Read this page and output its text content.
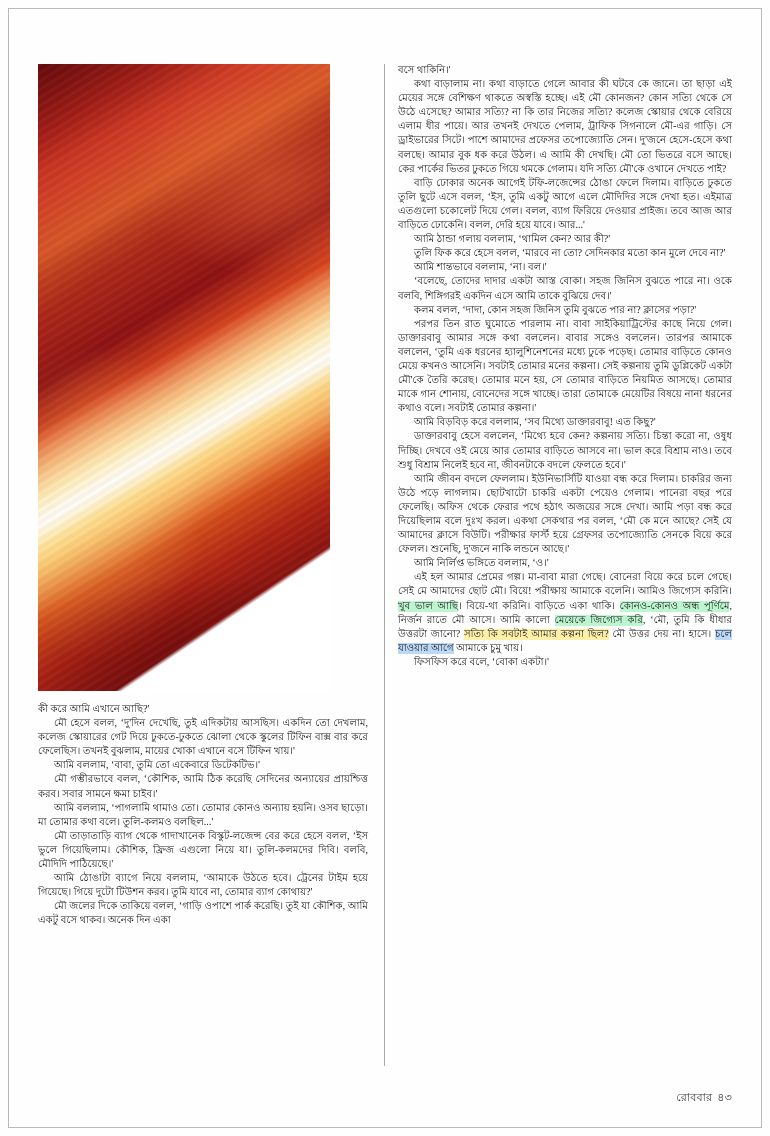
কী করে আমি এখানে আছি?'

মৌ হেসে বলল, ‘দু'দিন দেখেছি, তুই এদিকটায় আসছিস। একদিন তো দেখলাম, কলেজ স্কোয়ারের গেট দিয়ে ঢুকতে-ঢুকতে ঝোলা থেকে স্কুলের টিফিন বাক্স বার করে ফেলেছিস। তখনই বুঝলাম, মায়ের খোকা এখানে বসে টিফিন খায়।'

আমি বললাম, ‘বাবা, তুমি তো একেবারে ডিটেকটিভ।'

মৌ গম্ভীরভাবে বলল, ‘কৌশিক, আমি ঠিক করেছি সেদিনের অন্যায়ের প্রায়শ্চিত্ত করব। সবার সামনে ক্ষমা চাইব।'

আমি বললাম, ‘পাগলামি থামাও তো। তোমার কোনও অন্যায় হয়নি। ওসব ছাড়ো। মা তোমার কথা বলে। তুলি-কলমও বলছিল...'

মৌ তাড়াতাড়ি ব্যাগ থেকে গাদাখানেক বিস্কুট-লজেন্স বের করে হেসে বলল, ‘ইস ভুলে গিয়েছিলাম। কৌশিক, ফ্রিজ এগুলো নিয়ে যা। তুলি-কলমদের দিবি। বলবি, মৌদিদি পাঠিয়েছে।'

আমি ঠোঙাটা ব্যাগে নিয়ে বললাম, ‘আমাকে উঠতে হবে। ট্রেনের টাইম হয়ে গিয়েছে। গিয়ে দুটো টিউশন করব। তুমি যাবে না, তোমার ব্যাগ কোথায়?'

মৌ জলের দিকে তাকিয়ে বলল, ‘গাড়ি ওপাশে পার্ক করেছি। তুই যা কৌশিক, আমি একটু বসে থাকব। অনেক দিন একা

বসে থাকিনি।'

কথা বাড়ালাম না। কথা বাড়াতে গেলে আবার কী ঘটবে কে জানে। তা ছাড়া এই মেয়ের সঙ্গে বেশিক্ষণ থাকতে অস্বস্তি হচ্ছে। এই মৌ কোনজন? কোন সত্যি থেকে সে উঠে এসেছে? আমার সত্যি? না কি তার নিজের সত্যি? কলেজ স্কোয়ার থেকে বেরিয়ে এলাম ধীর পায়ে। আর তখনই দেখতে পেলাম, ট্রাফিক সিগনালে মৌ-এর গাড়ি। সে ড্রাইভারের সিটে। পাশে আমাদের প্রফেসর তপোজ্যোতি সেন। দু'জনে হেসে-হেসে কথা বলছে। আমার বুক ধক করে উঠল। এ আমি কী দেখছি। মৌ তো ভিতরে বসে আছে। কের পার্কের ভিতর ঢুকতে গিয়ে থমকে গেলাম। যদি সত্যি মৌ'কে ওখানে দেখতে পাই?

বাড়ি ঢোকার অনেক আগেই টফি-লজেন্সের ঠোঙা ফেলে দিলাম। বাড়িতে ঢুকতে তুলি ছুটে এসে বলল, ‘ইস, তুমি একটু আগে এলে মৌদিদির সঙ্গে দেখা হত। এইমাত্র এতগুলো চকোলেট দিয়ে গেল। বলল, ব্যাগ ফিরিয়ে দেওয়ার প্রাইজ। তবে আজ আর বাড়িতে ঢোকেনি। বলল, দেরি হয়ে যাবে। আর...'

আমি ঠান্ডা গলায় বললাম, ‘থামিল কেন? আর কী?'

তুলি ফিক করে হেসে বলল, ‘মারবে না তো? সেদিনকার মতো কান মুলে দেবে না?'

আমি শান্তভাবে বললাম, ‘না। বল।'

‘বলেছে, তোদের দাদার একটা আস্ত বোকা। সহজ জিনিস বুঝতে পারে না। ওকে বলবি, শিঙ্গিগরই একদিন এসে আমি তাকে বুঝিয়ে দেব।'

কলম বলল, ‘দাদা, কোন সহজ জিনিস তুমি বুঝতে পার না? ক্লাসের পড়া?'

পরপর তিন রাত ঘুমোতে পারলাম না। বাবা সাইকিয়াট্রিস্টের কাছে নিয়ে গেল। ডাক্তারবাবু আমার সঙ্গে কথা বললেন। বাবার সঙ্গেও বললেন। তারপর আমাকে বললেন, ‘তুমি এক ধরনের হ্যালুশিনেশনের মধ্যে ঢুকে পড়েছ। তোমার বাড়িতে কোনও মেয়ে কখনও আসেনি। সবটাই তোমার মনের কল্পনা। সেই কল্পনায় তুমি ডুপ্লিকেট একটা মৌ'কে তৈরি করেছ। তোমার মনে হয়, সে তোমার বাড়িতে নিয়মিত আসছে। তোমার মাকে গান শোনায়, বোনেদের সঙ্গে খাচ্ছে। তারা তোমাকে মেয়েটির বিষয়ে নানা ধরনের কথাও বলে। সবটাই তোমার কল্পনা।'

আমি বিড়বিড় করে বললাম, ‘সব মিথ্যে ডাক্তারবাবু! এত কিছু?'

ডাক্তারবাবু হেসে বললেন, ‘মিথ্যে হবে কেন? কল্পনায় সত্যি। চিন্তা করো না, ওষুধ দিচ্ছি। দেখবে ওই মেয়ে আর তোমার বাড়িতে আসবে না। ভাল করে বিশ্রাম নাও। তবে শুধু বিশ্রাম নিলেই হবে না, জীবনটাকে বদলে ফেলতে হবে।'

আমি জীবন বদলে ফেললাম। ইউনিভার্সিটি যাওয়া বন্ধ করে দিলাম। চাকরির জন্য উঠে পড়ে লাগলাম। ছোটখাটো চাকরি একটা পেয়েও গেলাম। পানেরা বছর পরে ফেলেছি। অফিস থেকে ফেরার পথে হঠাৎ অজয়ের সঙ্গে দেখা। আমি পড়া বন্ধ করে দিয়েছিলাম বলে দুঃখ করল। একথা সেকথার পর বলল, ‘মৌ কে মনে আছে? সেই যে আমাদের ক্লাসে বিউটি। পরীক্ষার ফার্স্ট হয়ে গ্রেফসর তপোজ্যোতি সেনকে বিয়ে করে ফেলল। শুনেছি, দু'জনে নাকি লন্ডনে আছে।'

আমি নির্লিপ্ত ভঙ্গিতে বললাম, ‘ও।'

এই হল আমার প্রেমের গল্প। মা-বাবা মারা গেছে। বোনেরা বিয়ে করে চলে গেছে। সেই মে আমাদের ছোট মৌ। বিয়ে! পরীক্ষায় আমাকে বলেনি। আমিও জিগ্যেস করিনি। খুব ভাল আছি। বিয়ে-থা করিনি। বাড়িতে একা থাকি। কোনও-কোনও অন্ধ পূর্ণিমে, নির্জন রাতে মৌ আসে। আমি কালো মেয়েকে জিগ্যেস করি, ‘মৌ, তুমি কি ধীধার উত্তরটা জানো? সত্যি কি সবটাই আমার কল্পনা ছিল? মৌ উত্তর দেয় না। হাসে। চলে যাওয়ার আগে আমাকে চুমু খায়।

ফিসফিস করে বলে, ‘বোকা একটা।'

রোববার ৪৩
